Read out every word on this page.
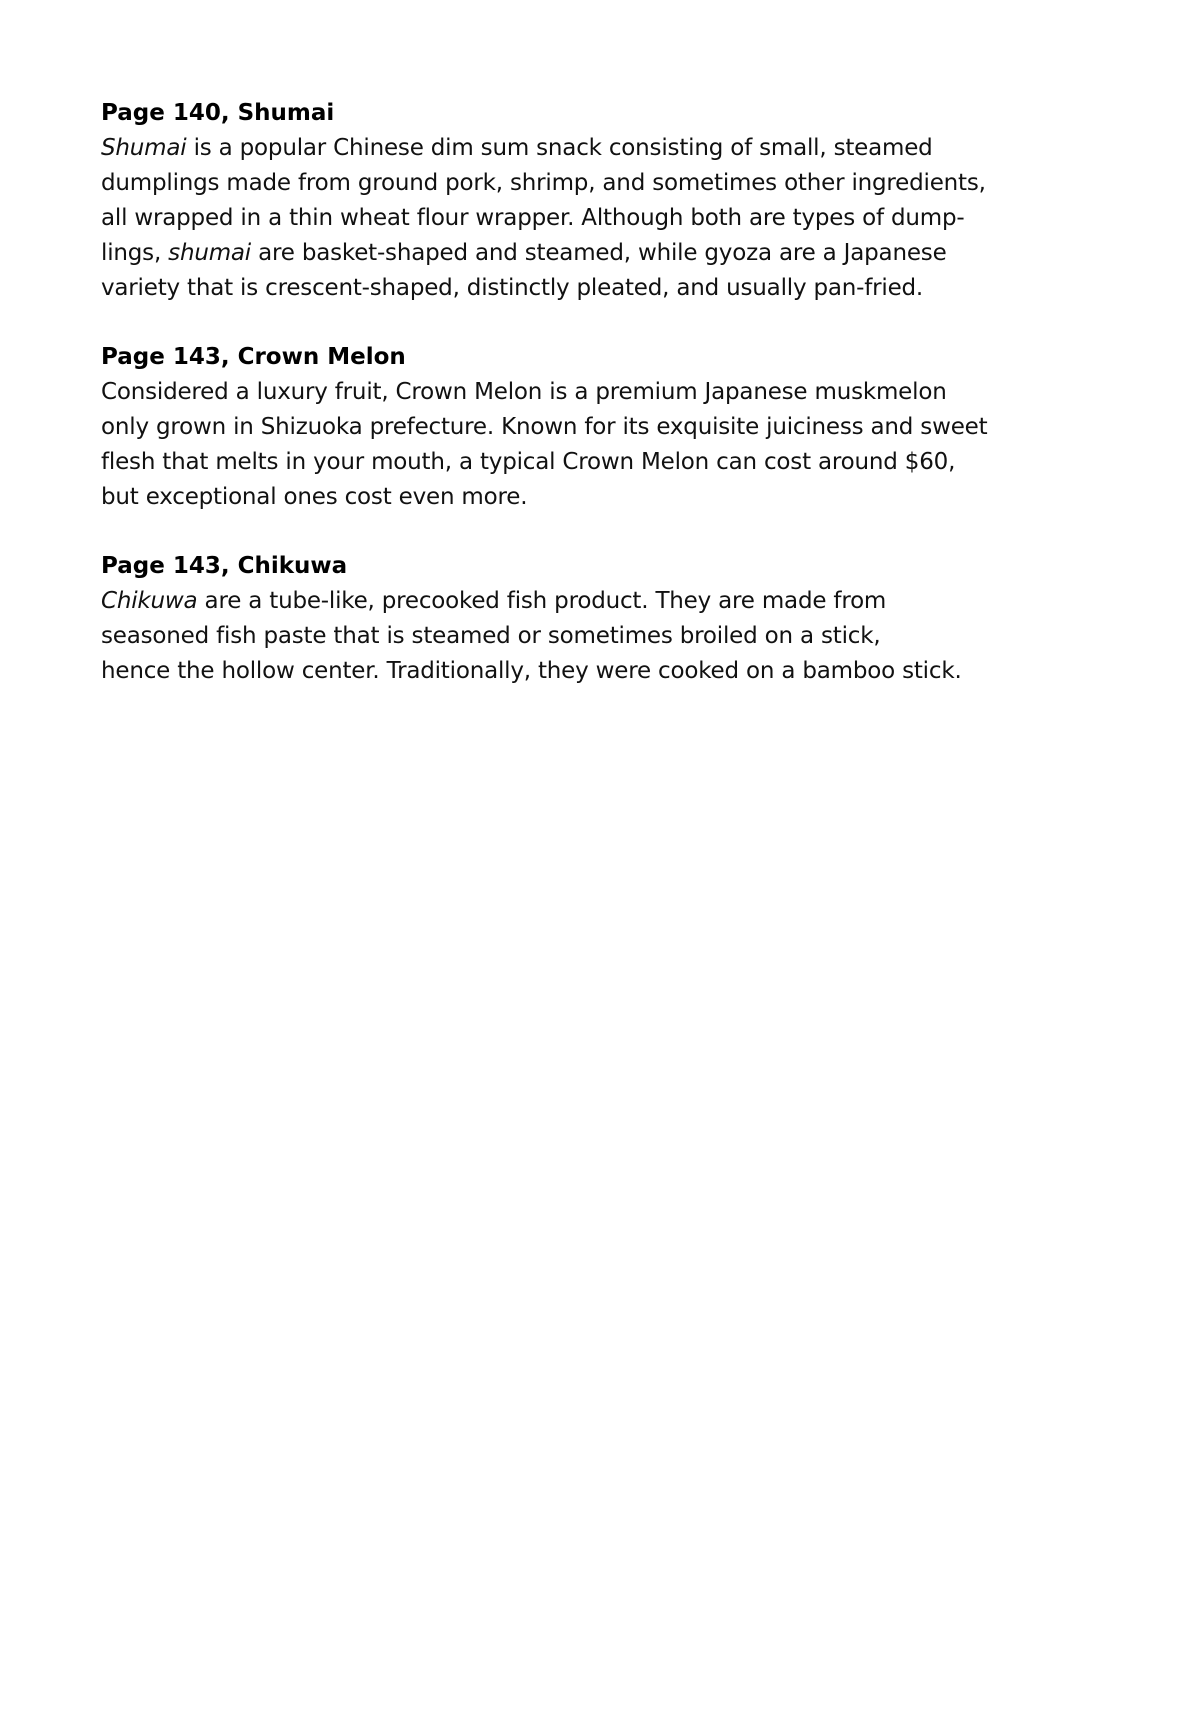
Page 140, Shumai
Shumai is a popular Chinese dim sum snack consisting of small, steamed
dumplings made from ground pork, shrimp, and sometimes other ingredients,
all wrapped in a thin wheat flour wrapper. Although both are types of dump-
lings, shumai are basket-shaped and steamed, while gyoza are a Japanese
variety that is crescent-shaped, distinctly pleated, and usually pan-fried.
Page 143, Crown Melon
Considered a luxury fruit, Crown Melon is a premium Japanese muskmelon
only grown in Shizuoka prefecture. Known for its exquisite juiciness and sweet
flesh that melts in your mouth, a typical Crown Melon can cost around $60,
but exceptional ones cost even more.
Page 143, Chikuwa
Chikuwa are a tube-like, precooked fish product. They are made from
seasoned fish paste that is steamed or sometimes broiled on a stick,
hence the hollow center. Traditionally, they were cooked on a bamboo stick.
